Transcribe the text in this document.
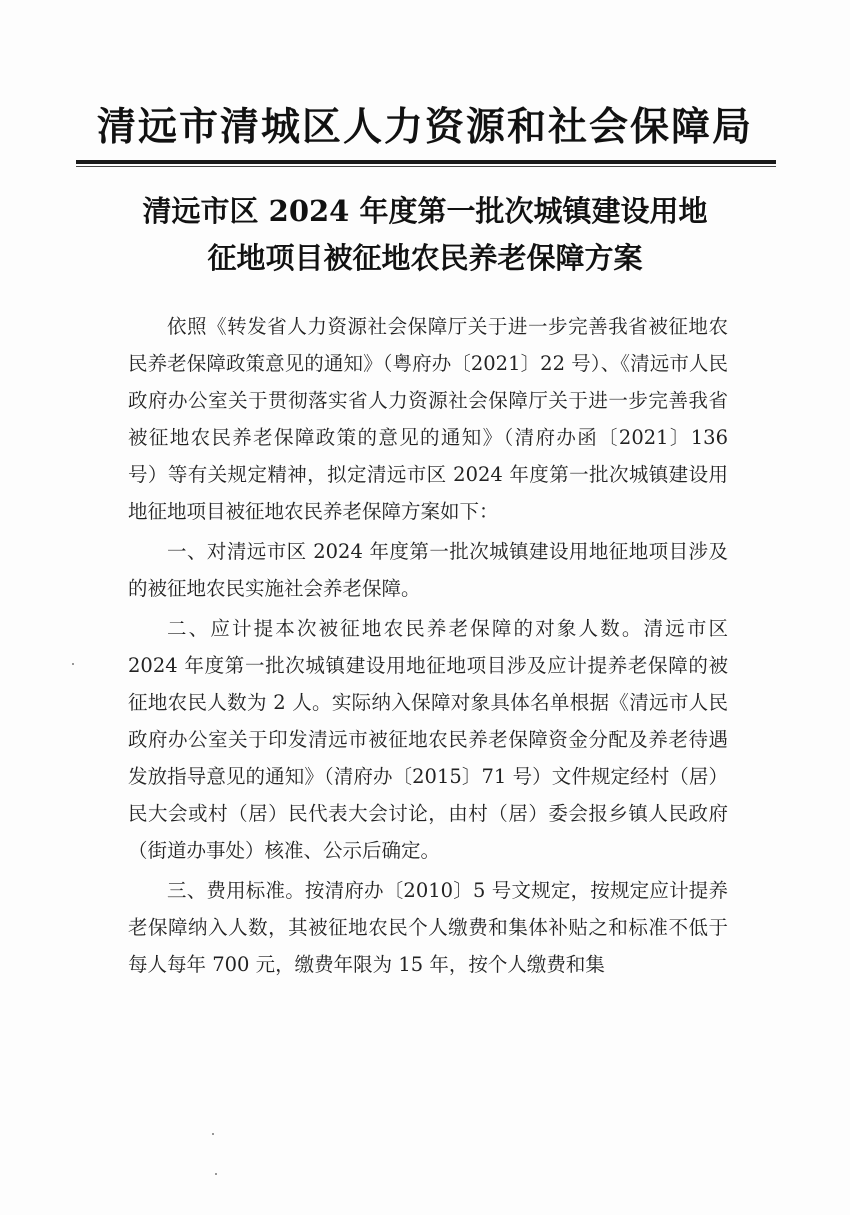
清远市清城区人力资源和社会保障局
清远市区 2024 年度第一批次城镇建设用地
征地项目被征地农民养老保障方案

依照《转发省人力资源社会保障厅关于进一步完善我省被征地农民养老保障政策意见的通知》（粤府办〔2021〕22 号）、《清远市人民政府办公室关于贯彻落实省人力资源社会保障厅关于进一步完善我省被征地农民养老保障政策的意见的通知》（清府办函〔2021〕136 号）等有关规定精神，拟定清远市区 2024 年度第一批次城镇建设用地征地项目被征地农民养老保障方案如下：

一、对清远市区 2024 年度第一批次城镇建设用地征地项目涉及的被征地农民实施社会养老保障。

二、应计提本次被征地农民养老保障的对象人数。清远市区 2024 年度第一批次城镇建设用地征地项目涉及应计提养老保障的被征地农民人数为 2 人。实际纳入保障对象具体名单根据《清远市人民政府办公室关于印发清远市被征地农民养老保障资金分配及养老待遇发放指导意见的通知》（清府办〔2015〕71 号）文件规定经村（居）民大会或村（居）民代表大会讨论，由村（居）委会报乡镇人民政府（街道办事处）核准、公示后确定。

三、费用标准。按清府办〔2010〕5 号文规定，按规定应计提养老保障纳入人数，其被征地农民个人缴费和集体补贴之和标准不低于每人每年 700 元，缴费年限为 15 年，按个人缴费和集
